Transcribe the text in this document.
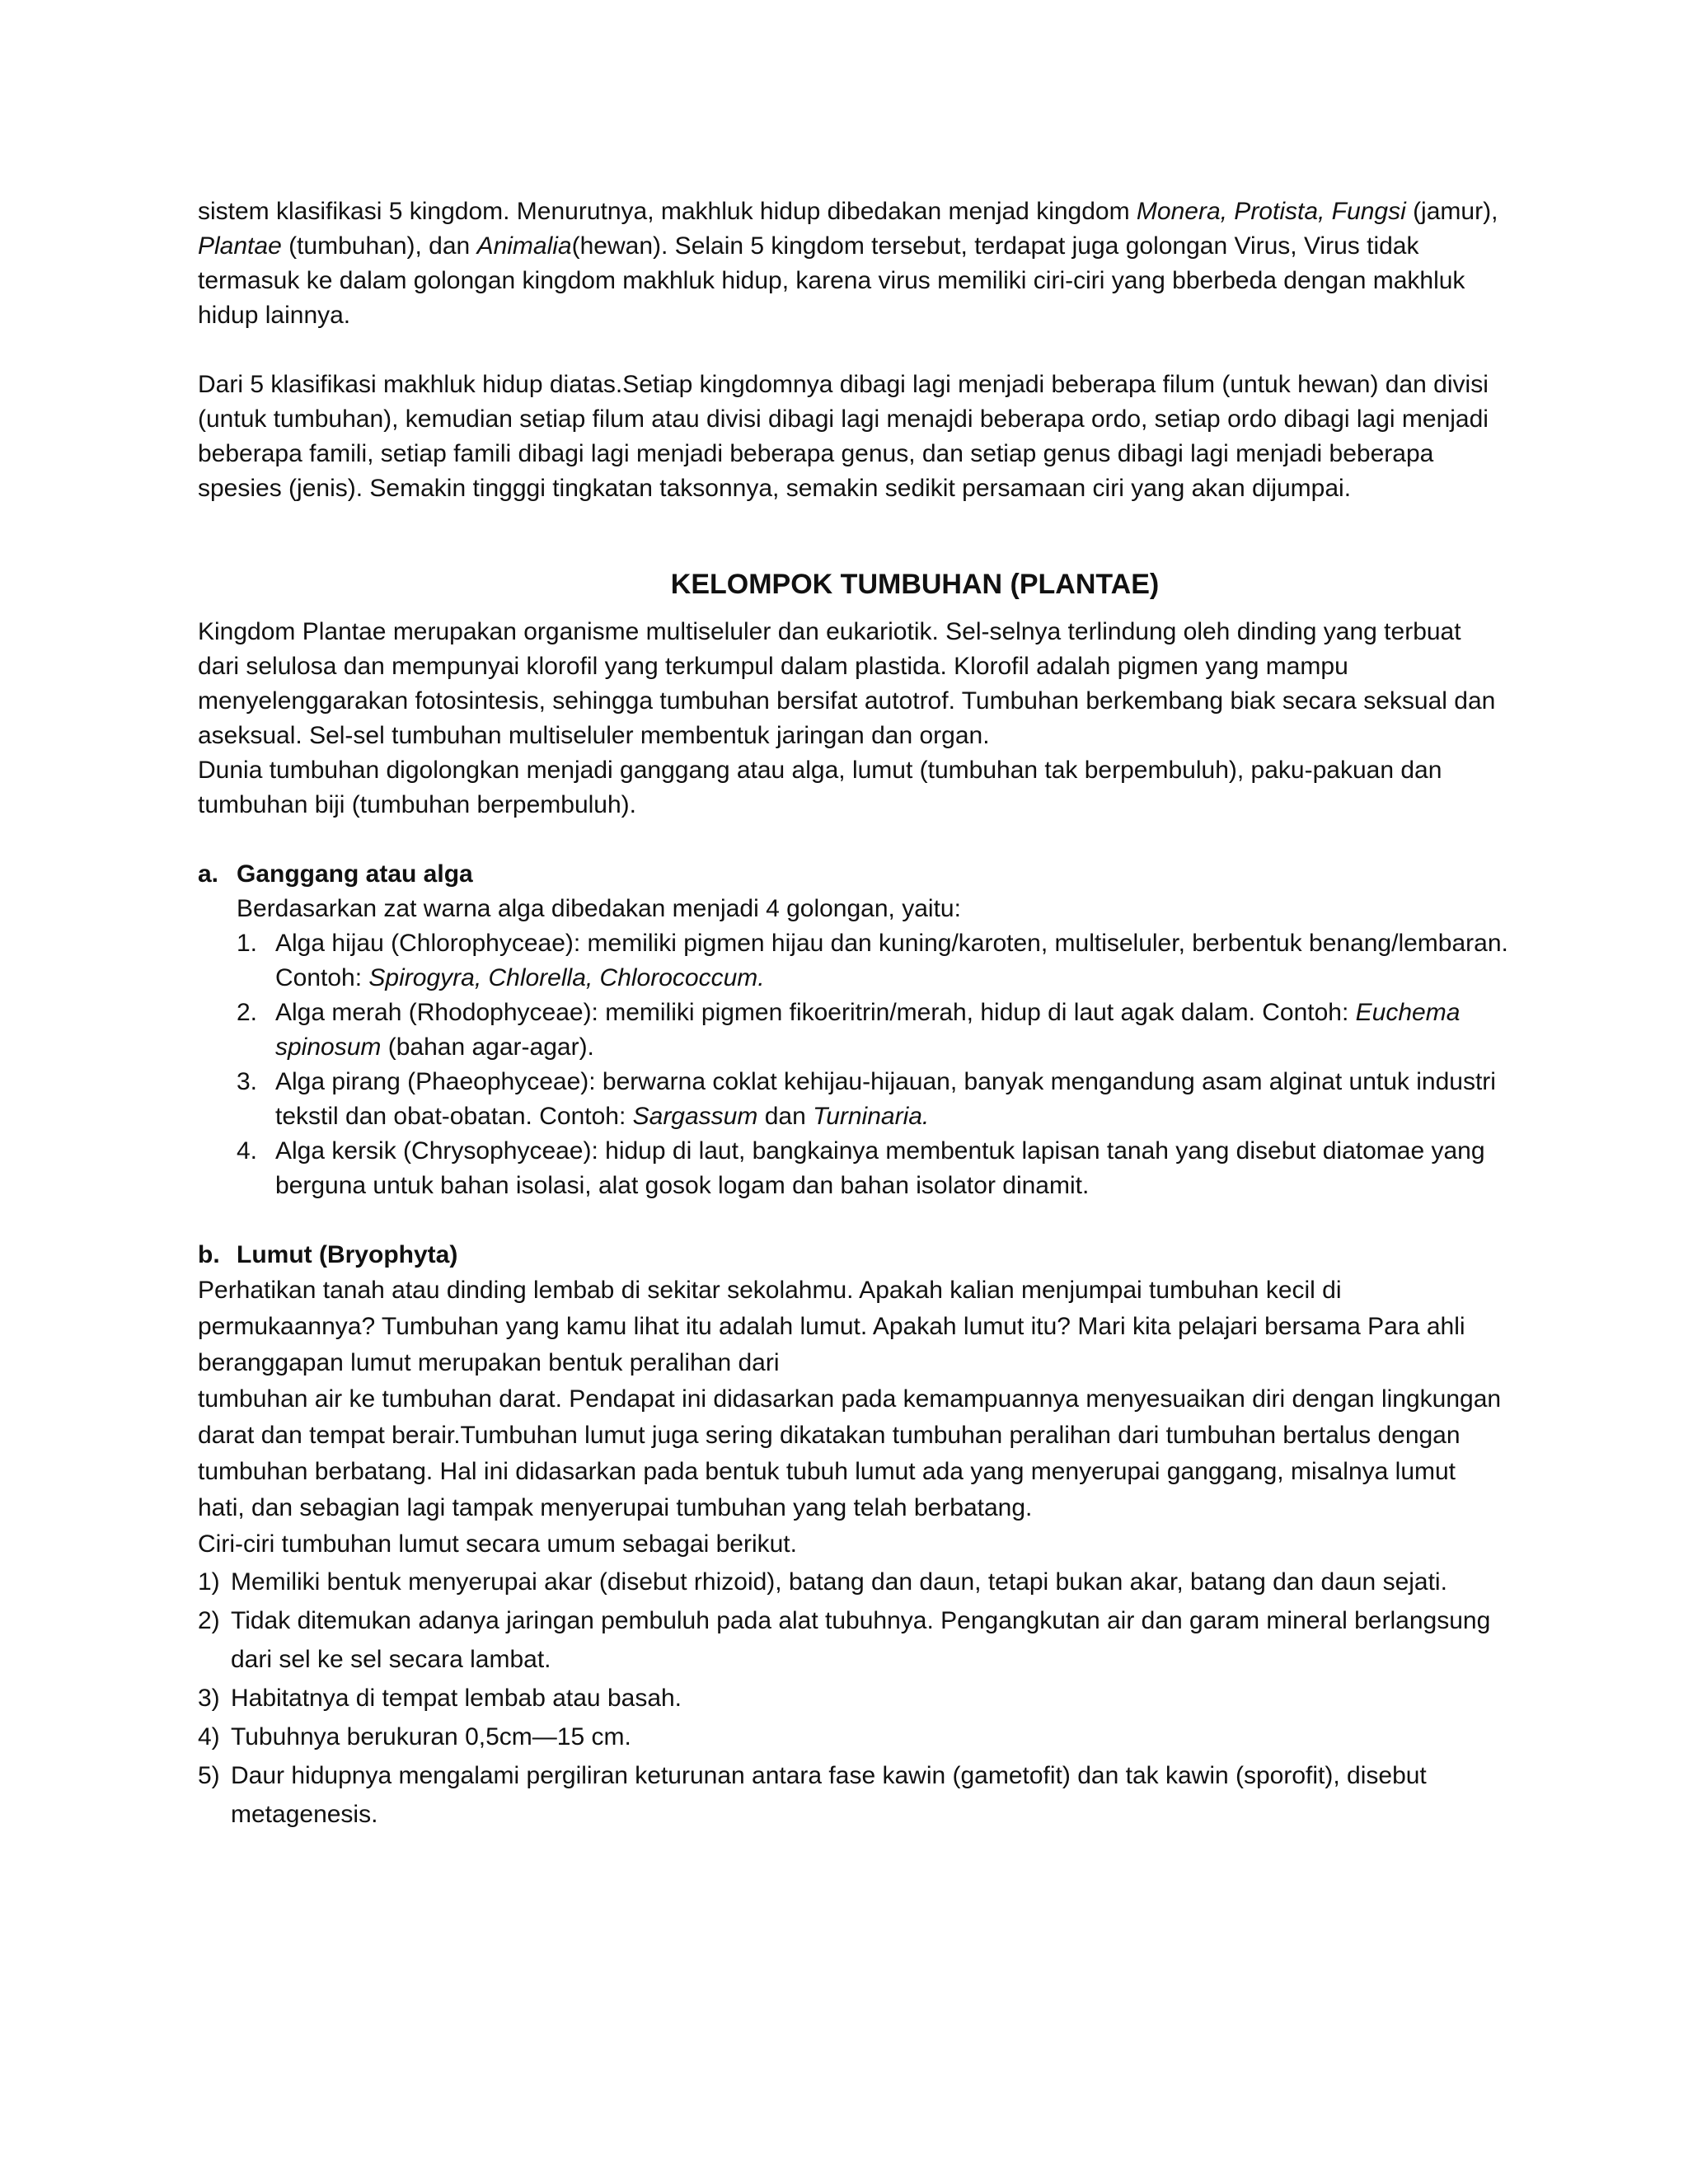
sistem klasifikasi 5 kingdom. Menurutnya, makhluk hidup dibedakan menjad kingdom Monera, Protista, Fungsi (jamur), Plantae (tumbuhan), dan Animalia(hewan). Selain 5 kingdom tersebut, terdapat juga golongan Virus, Virus tidak termasuk ke dalam golongan kingdom makhluk hidup, karena virus memiliki ciri-ciri yang bberbeda dengan makhluk hidup lainnya.

Dari 5 klasifikasi makhluk hidup diatas.Setiap kingdomnya dibagi lagi menjadi beberapa filum (untuk hewan) dan divisi (untuk tumbuhan), kemudian setiap filum atau divisi dibagi lagi menajdi beberapa ordo, setiap ordo dibagi lagi menjadi beberapa famili, setiap famili dibagi lagi menjadi beberapa genus, dan setiap genus dibagi lagi menjadi beberapa spesies (jenis). Semakin tingggi tingkatan taksonnya, semakin sedikit persamaan ciri yang akan dijumpai.

KELOMPOK TUMBUHAN (PLANTAE)

Kingdom Plantae merupakan organisme multiseluler dan eukariotik. Sel-selnya terlindung oleh dinding yang terbuat dari selulosa dan mempunyai klorofil yang terkumpul dalam plastida. Klorofil adalah pigmen yang mampu menyelenggarakan fotosintesis, sehingga tumbuhan bersifat autotrof. Tumbuhan berkembang biak secara seksual dan aseksual. Sel-sel tumbuhan multiseluler membentuk jaringan dan organ.

Dunia tumbuhan digolongkan menjadi ganggang atau alga, lumut (tumbuhan tak berpembuluh), paku-pakuan dan tumbuhan biji (tumbuhan berpembuluh).

a. Ganggang atau alga

Berdasarkan zat warna alga dibedakan menjadi 4 golongan, yaitu:

1. Alga hijau (Chlorophyceae): memiliki pigmen hijau dan kuning/karoten, multiseluler, berbentuk benang/lembaran. Contoh: Spirogyra, Chlorella, Chlorococcum.
2. Alga merah (Rhodophyceae): memiliki pigmen fikoeritrin/merah, hidup di laut agak dalam. Contoh: Euchema spinosum (bahan agar-agar).
3. Alga pirang (Phaeophyceae): berwarna coklat kehijau-hijauan, banyak mengandung asam alginat untuk industri tekstil dan obat-obatan. Contoh: Sargassum dan Turninaria.
4. Alga kersik (Chrysophyceae): hidup di laut, bangkainya membentuk lapisan tanah yang disebut diatomae yang berguna untuk bahan isolasi, alat gosok logam dan bahan isolator dinamit.
b. Lumut (Bryophyta)

Perhatikan tanah atau dinding lembab di sekitar sekolahmu. Apakah kalian menjumpai tumbuhan kecil di permukaannya? Tumbuhan yang kamu lihat itu adalah lumut. Apakah lumut itu? Mari kita pelajari bersama Para ahli beranggapan lumut merupakan bentuk peralihan dari

tumbuhan air ke tumbuhan darat. Pendapat ini didasarkan pada kemampuannya menyesuaikan diri dengan lingkungan darat dan tempat berair.Tumbuhan lumut juga sering dikatakan tumbuhan peralihan dari tumbuhan bertalus dengan tumbuhan berbatang. Hal ini didasarkan pada bentuk tubuh lumut ada yang menyerupai ganggang, misalnya lumut hati, dan sebagian lagi tampak menyerupai tumbuhan yang telah berbatang.

Ciri-ciri tumbuhan lumut secara umum sebagai berikut.

1) Memiliki bentuk menyerupai akar (disebut rhizoid), batang dan daun, tetapi bukan akar, batang dan daun sejati.
2) Tidak ditemukan adanya jaringan pembuluh pada alat tubuhnya. Pengangkutan air dan garam mineral berlangsung dari sel ke sel secara lambat.
3) Habitatnya di tempat lembab atau basah.
4) Tubuhnya berukuran 0,5cm—15 cm.
5) Daur hidupnya mengalami pergiliran keturunan antara fase kawin (gametofit) dan tak kawin (sporofit), disebut metagenesis.
